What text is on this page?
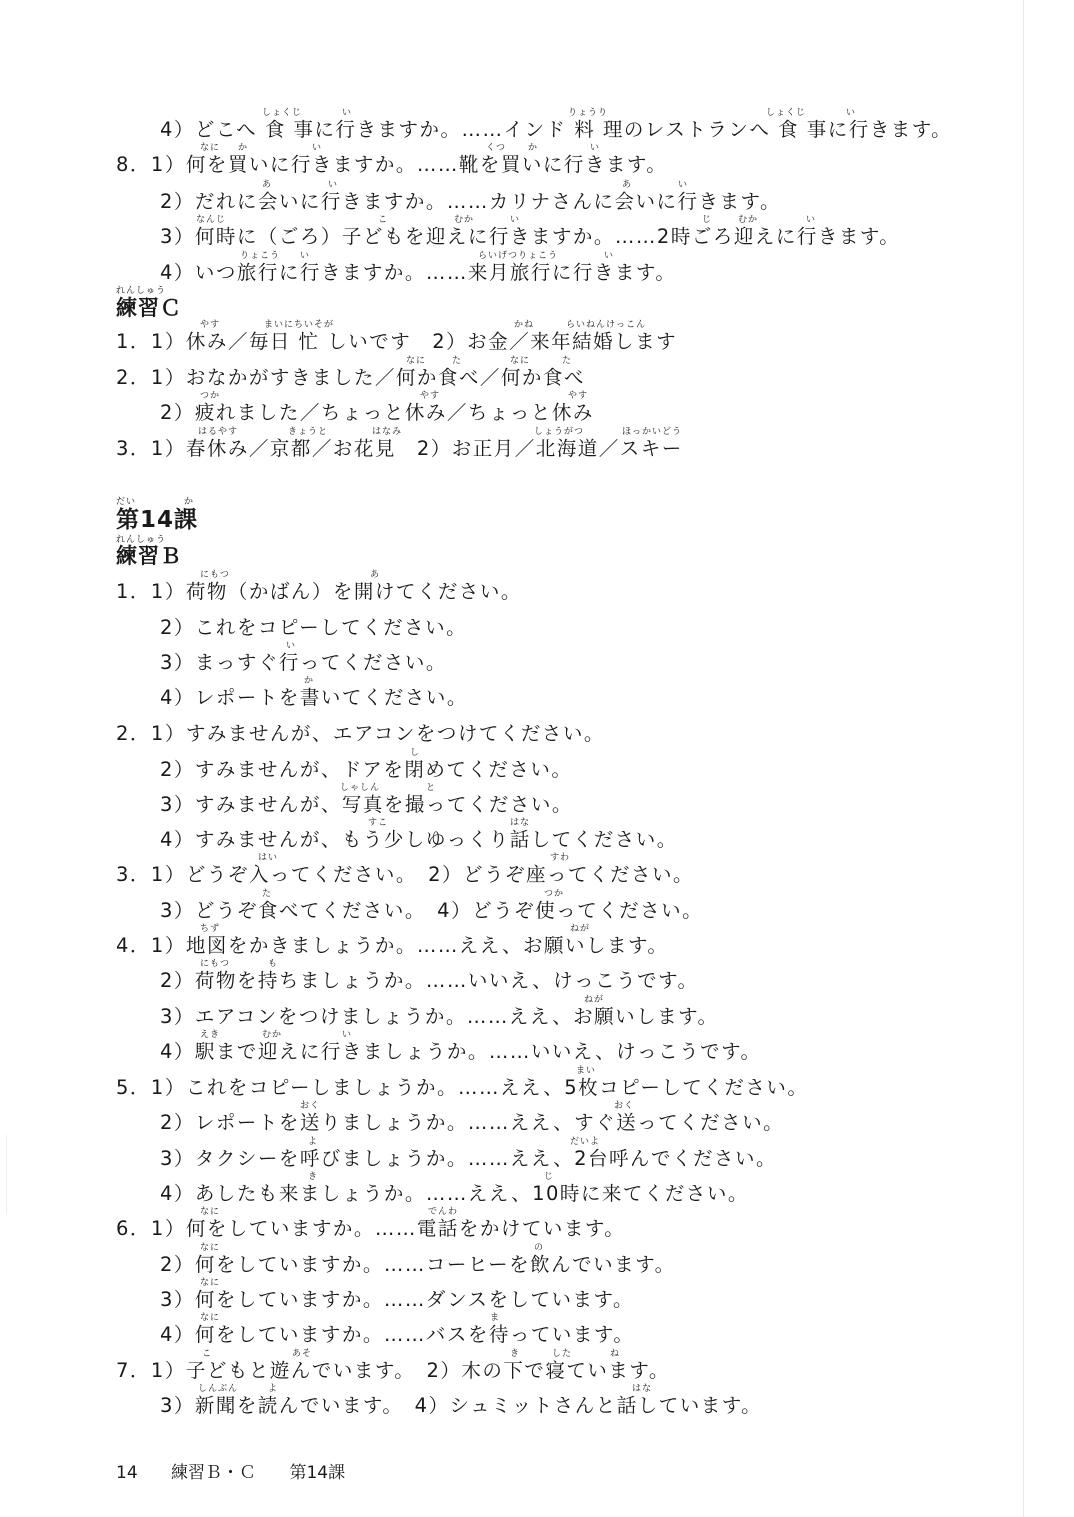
しょくじ	い	りょうり	しょくじ	い
4）どこへ 食 事に行きますか。……インド 料 理のレストランへ 食 事に行きます。
なに か	い	くつ か	い
8．1）何を買いに行きますか。……靴を買いに行きます。
あ	い	あ	い
2）だれに会いに行きますか。……カリナさんに会いに行きます。
なんじ	こ	むか	い	じ	むか	い
3）何時に（ごろ）子どもを迎えに行きますか。……2時ごろ迎えに行きます。
りょこう い	らいげつりょこう	い
4）いつ旅行に行きますか。……来月旅行に行きます。
れんしゅう
練習Ｃ
やす	まいにちいそが	かね	らいねんけっこん
1．1）休み／毎日 忙 しいです　2）お金／来年結婚します
なに	た	なに	た
2．1）おなかがすきました／何か食べ／何か食べ
つか	やす	やす
2）疲れました／ちょっと休み／ちょっと休み
はるやす	きょうと	はなみ	しょうがつ	ほっかいどう
3．1）春休み／京都／お花見　2）お正月／北海道／スキー
だい	か
第14課
れんしゅう
練習Ｂ
にもつ	あ
1．1）荷物（かばん）を開けてください。
2）これをコピーしてください。
い
3）まっすぐ行ってください。
か
4）レポートを書いてください。
2．1）すみませんが、エアコンをつけてください。
し
2）すみませんが、ドアを閉めてください。
しゃしん	と
3）すみませんが、写真を撮ってください。
すこ	はな
4）すみませんが、もう少しゆっくり話してください。
はい	すわ
3．1）どうぞ入ってください。　2）どうぞ座ってください。
た	つか
3）どうぞ食べてください。　4）どうぞ使ってください。
ちず	ねが
4．1）地図をかきましょうか。……ええ、お願いします。
にもつ	も
2）荷物を持ちましょうか。……いいえ、けっこうです。
ねが
3）エアコンをつけましょうか。……ええ、お願いします。
えき	むか	い
4）駅まで迎えに行きましょうか。……いいえ、けっこうです。
まい
5．1）これをコピーしましょうか。……ええ、5枚コピーしてください。
おく	おく
2）レポートを送りましょうか。……ええ、すぐ送ってください。
よ	だいよ
3）タクシーを呼びましょうか。……ええ、2台呼んでください。
き	じ
4）あしたも来ましょうか。……ええ、10時に来てください。
なに	でんわ
6．1）何をしていますか。……電話をかけています。
なに	の
2）何をしていますか。……コーヒーを飲んでいます。
なに
3）何をしていますか。……ダンスをしています。
なに	ま
4）何をしていますか。……バスを待っています。
こ	あそ	き	した	ね
7．1）子どもと遊んでいます。　2）木の下で寝ています。
しんぶん	よ	はな
3）新聞を読んでいます。　4）シュミットさんと話しています。
14 練習Ｂ・Ｃ 第14課
